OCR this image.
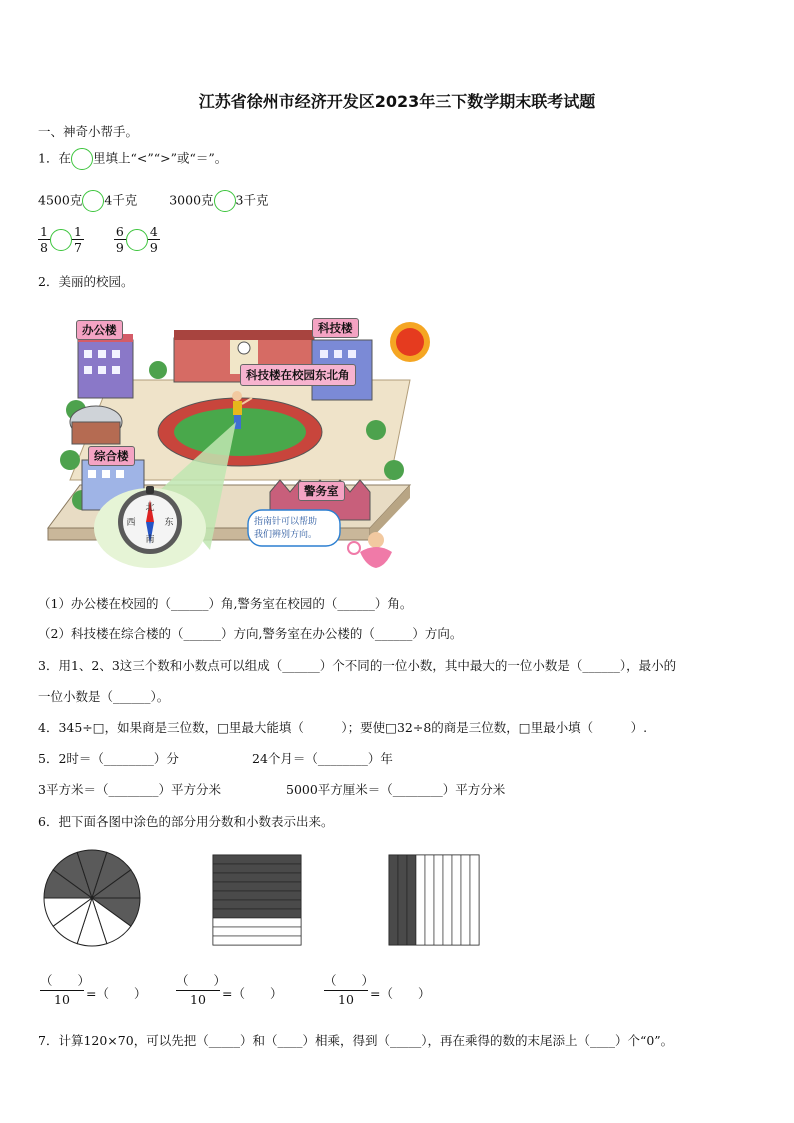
江苏省徐州市经济开发区2023年三下数学期末联考试题
一、神奇小帮手。
1．在 里填上“<”“>”或“＝”。
4500克 4千克	3000克 3千克
$\frac{1}{8} \frac{1}{7}$
$\frac{6}{9} \frac{4}{9}$
2．美丽的校园。
北
东
西
南
办公楼	科技楼
科技楼在校园东北角
综合楼
警务室
指南针可以帮助
我们辨别方向。
（1）办公楼在校园的（______）角,警务室在校园的（______）角。
（2）科技楼在综合楼的（______）方向,警务室在办公楼的（______）方向。
3．用1、2、3这三个数和小数点可以组成（______）个不同的一位小数，其中最大的一位小数是（______），最小的
一位小数是（______）。
4．345÷□，如果商是三位数，□里最大能填（　　　）；要使□32÷8的商是三位数，□里最小填（　　　）.
5．2时＝（________）分	24个月＝（________）年
3平方米＝（________）平方分米	5000平方厘米＝（________）平方分米
6．把下面各图中涂色的部分用分数和小数表示出来。
（　　）
10	=（　　）
（　　）
10	=（　　）
（　　）
10	=（　　）
7．计算120×70，可以先把（_____）和（____）相乘，得到（_____），再在乘得的数的末尾添上（____）个“0”。
